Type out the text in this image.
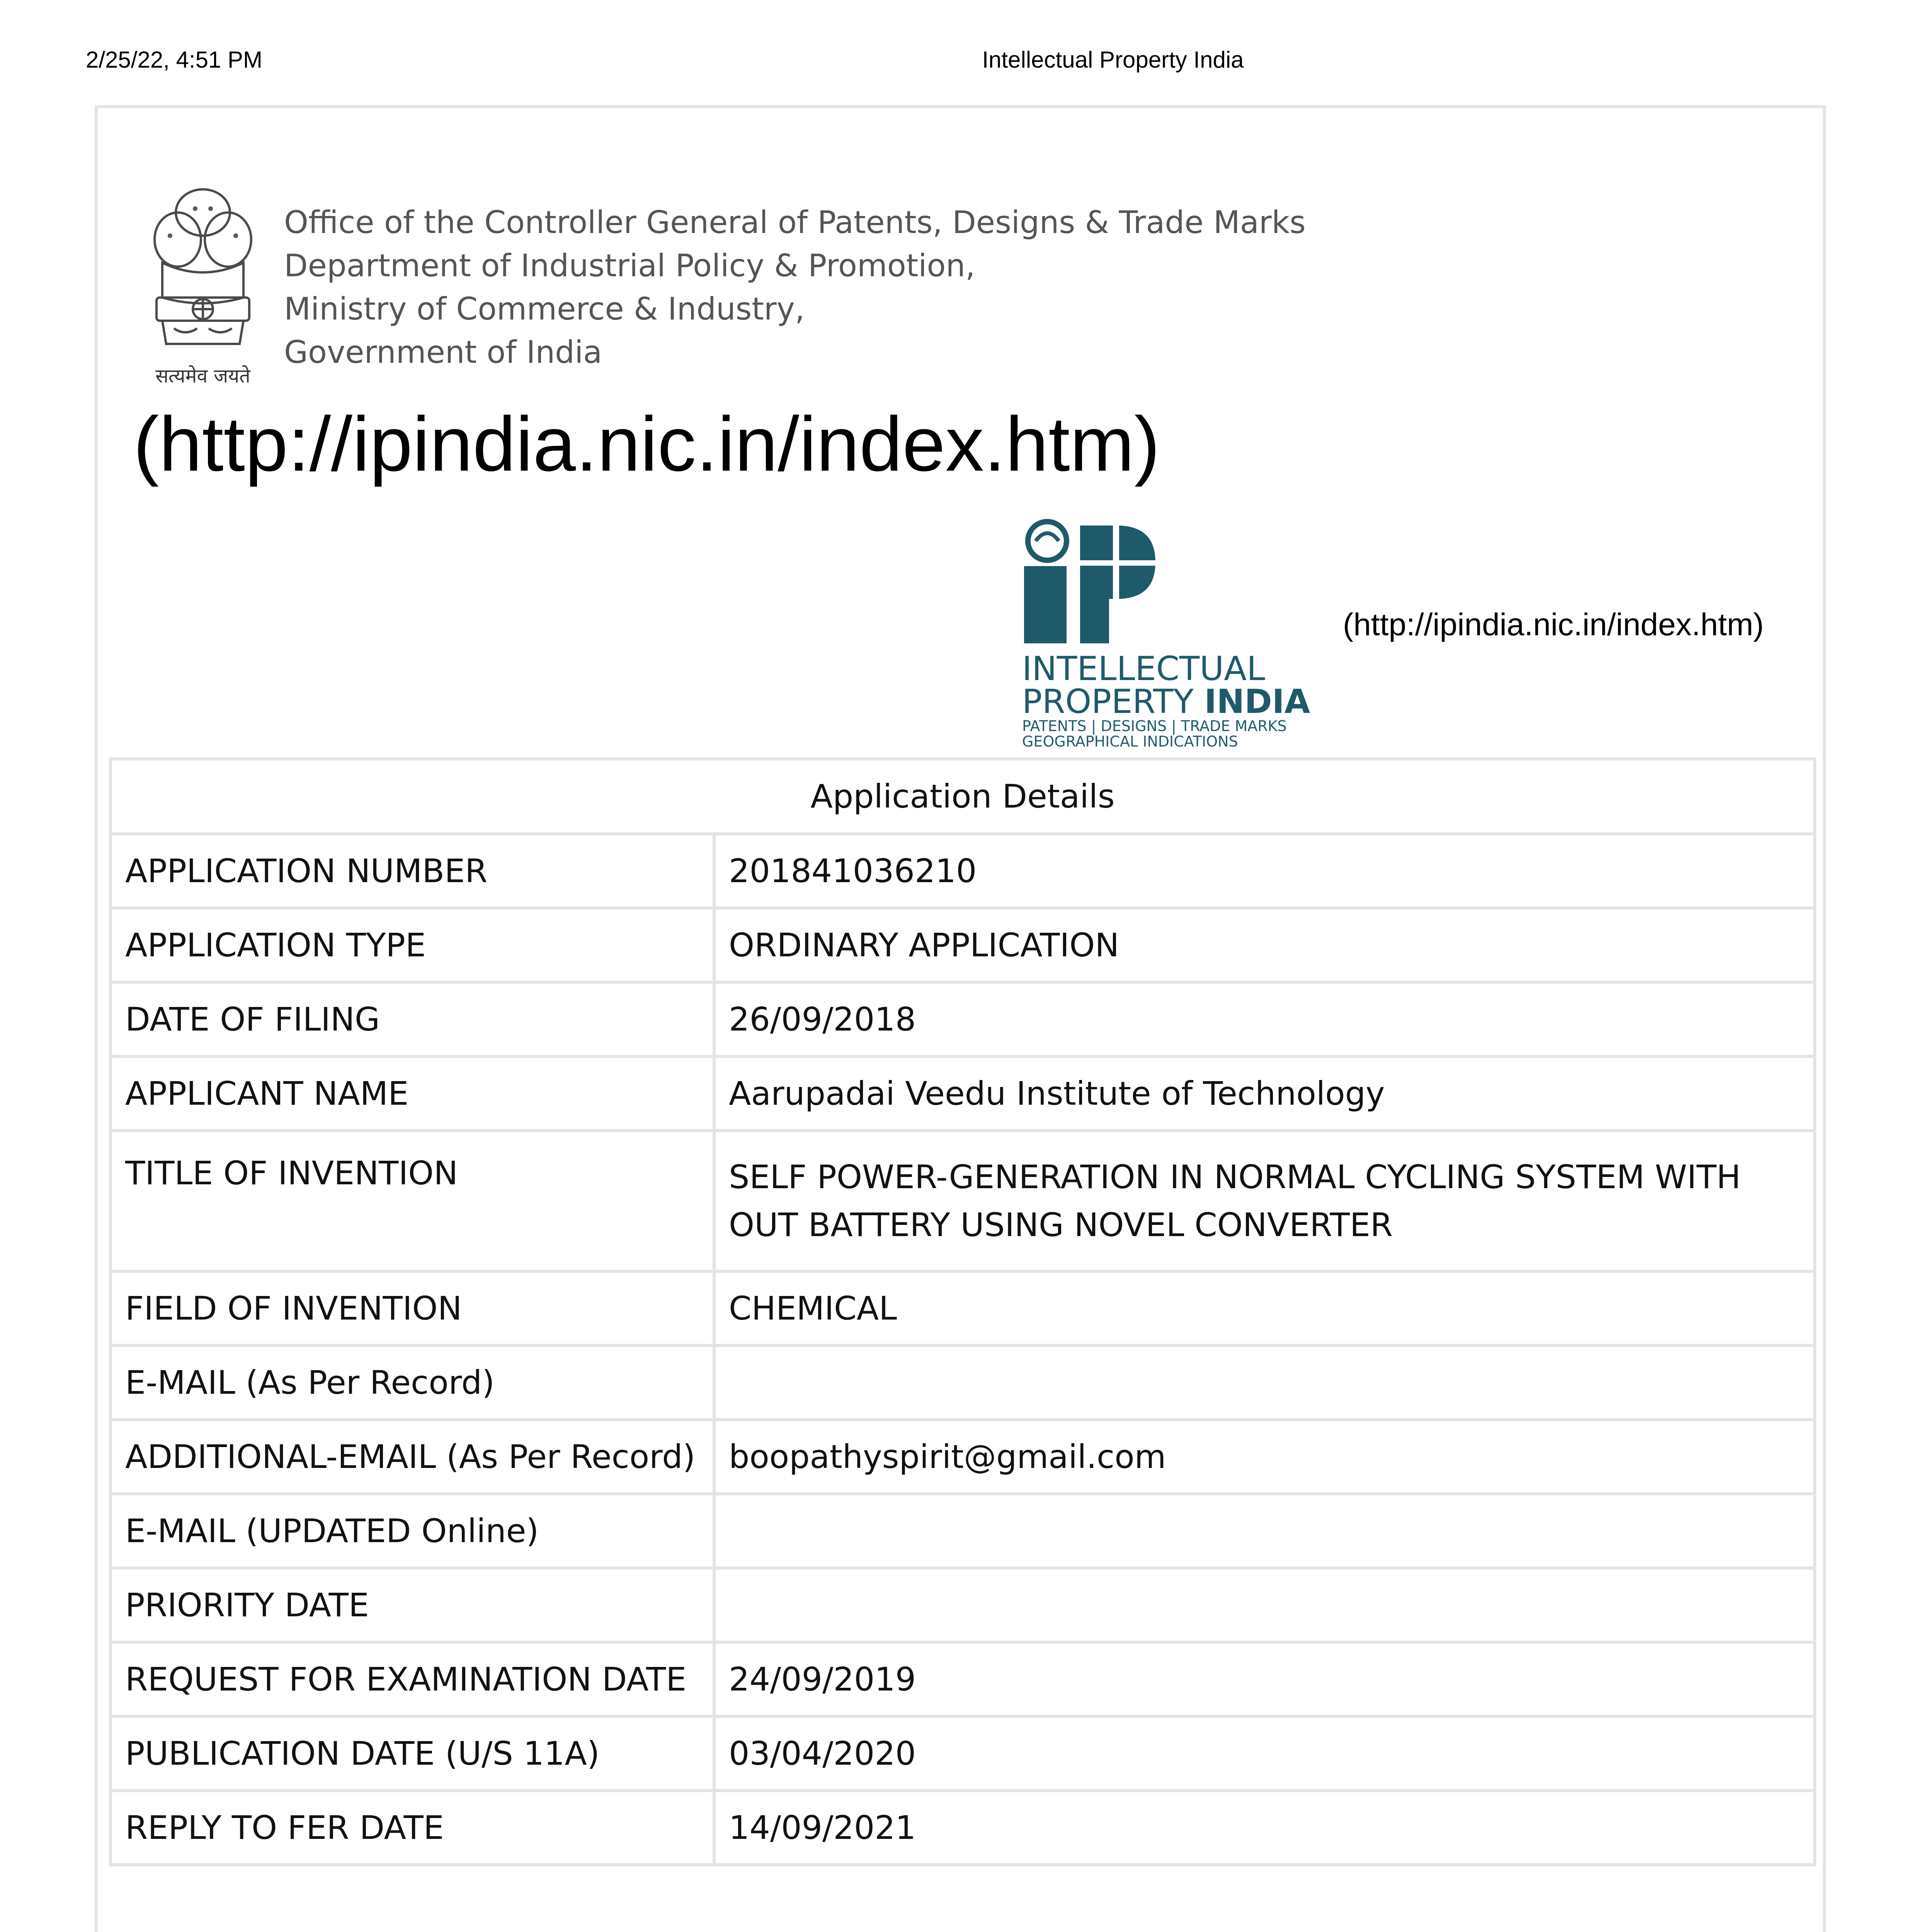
2/25/22, 4:51 PM	Intellectual Property India
सत्यमेव जयते
Office of the Controller General of Patents, Designs & Trade Marks
Department of Industrial Policy & Promotion,
Ministry of Commerce & Industry,
Government of India
(http://ipindia.nic.in/index.htm)
INTELLECTUAL
PROPERTY INDIA
PATENTS | DESIGNS | TRADE MARKS
GEOGRAPHICAL INDICATIONS
(http://ipindia.nic.in/index.htm)
Application Details	
APPLICATION NUMBER	201841036210
APPLICATION TYPE	ORDINARY APPLICATION
DATE OF FILING	26/09/2018
APPLICANT NAME	Aarupadai Veedu Institute of Technology
TITLE OF INVENTION	SELF POWER-GENERATION IN NORMAL CYCLING SYSTEM WITH OUT BATTERY USING NOVEL CONVERTER
FIELD OF INVENTION	CHEMICAL
E-MAIL (As Per Record)	
ADDITIONAL-EMAIL (As Per Record)	boopathyspirit@gmail.com
E-MAIL (UPDATED Online)	
PRIORITY DATE	
REQUEST FOR EXAMINATION DATE	24/09/2019
PUBLICATION DATE (U/S 11A)	03/04/2020
REPLY TO FER DATE	14/09/2021
